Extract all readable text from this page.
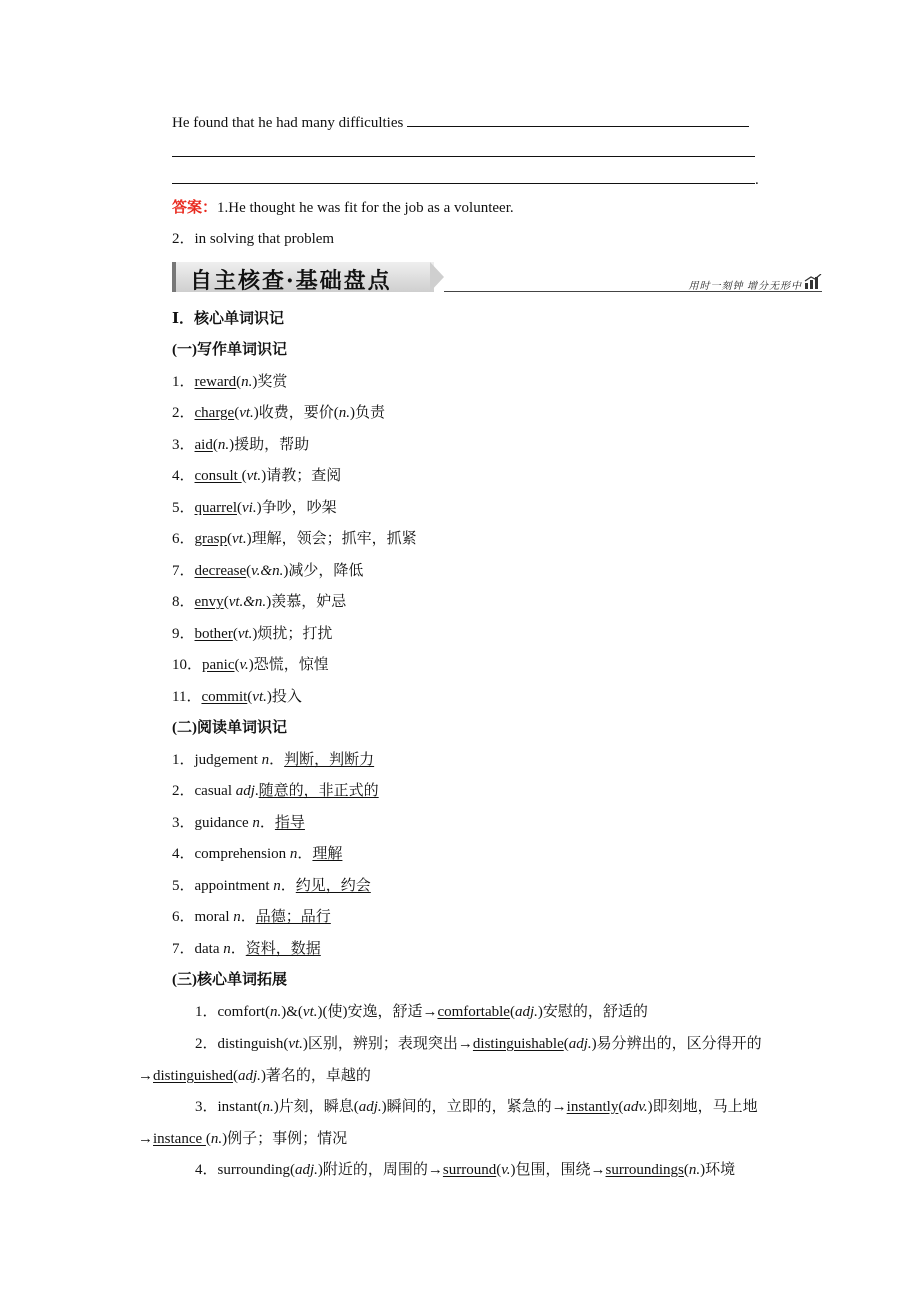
He found that he had many difficulties
.
答案：1.He thought he was fit for the job as a volunteer.
2．in solving that problem
自主核查·基础盘点	用时一刻钟 增分无形中
Ⅰ．核心单词识记
(一)写作单词识记
1．reward(n.)奖赏
2．charge(vt.)收费，要价(n.)负责
3．aid(n.)援助，帮助
4．consult (vt.)请教；查阅
5．quarrel(vi.)争吵，吵架
6．grasp(vt.)理解，领会；抓牢，抓紧
7．decrease(v.&n.)减少，降低
8．envy(vt.&n.)羡慕，妒忌
9．bother(vt.)烦扰；打扰
10．panic(v.)恐慌，惊惶
11．commit(vt.)投入
(二)阅读单词识记
1．judgement n．判断，判断力
2．casual adj.随意的，非正式的
3．guidance n．指导
4．comprehension n．理解
5．appointment n．约见，约会
6．moral n．品德；品行
7．data n．资料，数据
(三)核心单词拓展
1．comfort(n.)&(vt.)(使)安逸，舒适→comfortable(adj.)安慰的，舒适的
2．distinguish(vt.)区别，辨别；表现突出→distinguishable(adj.)易分辨出的，区分得开的
→distinguished(adj.)著名的，卓越的
3．instant(n.)片刻，瞬息(adj.)瞬间的，立即的，紧急的→instantly(adv.)即刻地，马上地
→instance (n.)例子；事例；情况
4．surrounding(adj.)附近的，周围的→surround(v.)包围，围绕→surroundings(n.)环境
